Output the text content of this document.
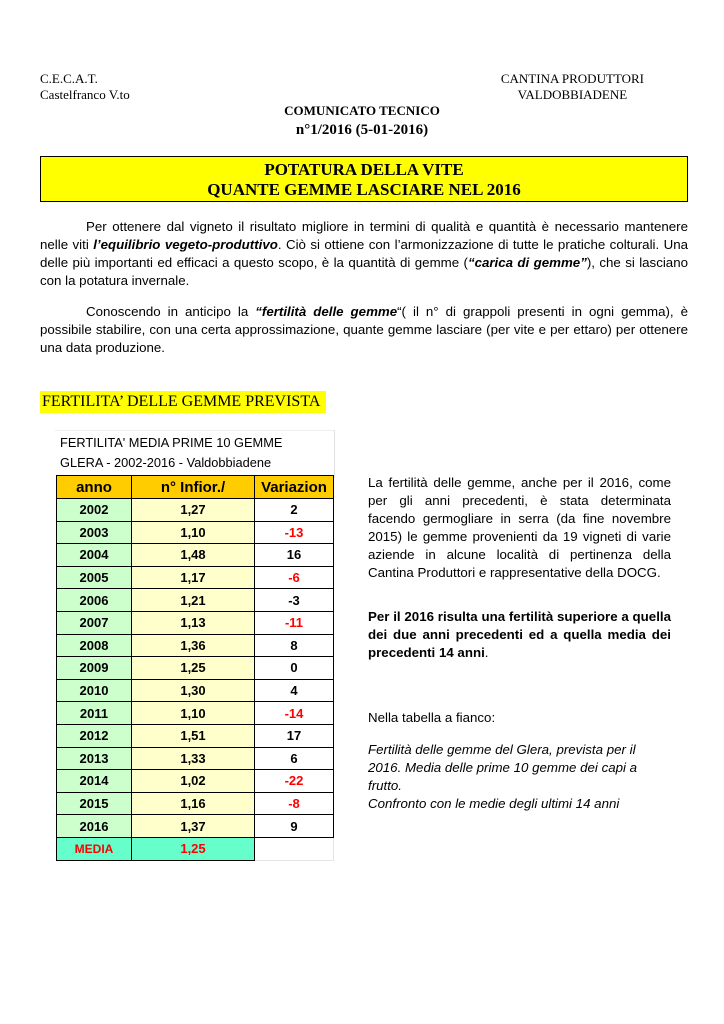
C.E.C.A.T.
Castelfranco V.to
CANTINA PRODUTTORI
VALDOBBIADENE
COMUNICATO TECNICO
n°1/2016 (5-01-2016)
POTATURA DELLA VITE
QUANTE GEMME LASCIARE NEL 2016
Per ottenere dal vigneto il risultato migliore in termini di qualità e quantità è necessario mantenere nelle viti l’equilibrio vegeto-produttivo. Ciò si ottiene con l’armonizzazione di tutte le pratiche colturali. Una delle più importanti ed efficaci a questo scopo, è la quantità di gemme (“carica di gemme”), che si lasciano con la potatura invernale.
Conoscendo in anticipo la “fertilità delle gemme“( il n° di grappoli presenti in ogni gemma), è possibile stabilire, con una certa approssimazione, quante gemme lasciare (per vite e per ettaro) per ottenere una data produzione.
FERTILITA’ DELLE GEMME PREVISTA
FERTILITA' MEDIA PRIME 10 GEMME
GLERA - 2002-2016 - Valdobbiadene
anno	n° Infior./	Variazion
2002	1,27	2
2003	1,10	-13
2004	1,48	16
2005	1,17	-6
2006	1,21	-3
2007	1,13	-11
2008	1,36	8
2009	1,25	0
2010	1,30	4
2011	1,10	-14
2012	1,51	17
2013	1,33	6
2014	1,02	-22
2015	1,16	-8
2016	1,37	9
MEDIA	1,25	
La fertilità delle gemme, anche per il 2016, come per gli anni precedenti, è stata determinata facendo germogliare in serra (da fine novembre 2015) le gemme provenienti da 19 vigneti di varie aziende in alcune località di pertinenza della Cantina Produttori e rappresentative della DOCG.
Per il 2016 risulta una fertilità superiore a quella dei due anni precedenti ed a quella media dei precedenti 14 anni.
Nella tabella a fianco:
Fertilità delle gemme del Glera, prevista per il 2016. Media delle prime 10 gemme dei capi a frutto.
Confronto con le medie degli ultimi 14 anni
